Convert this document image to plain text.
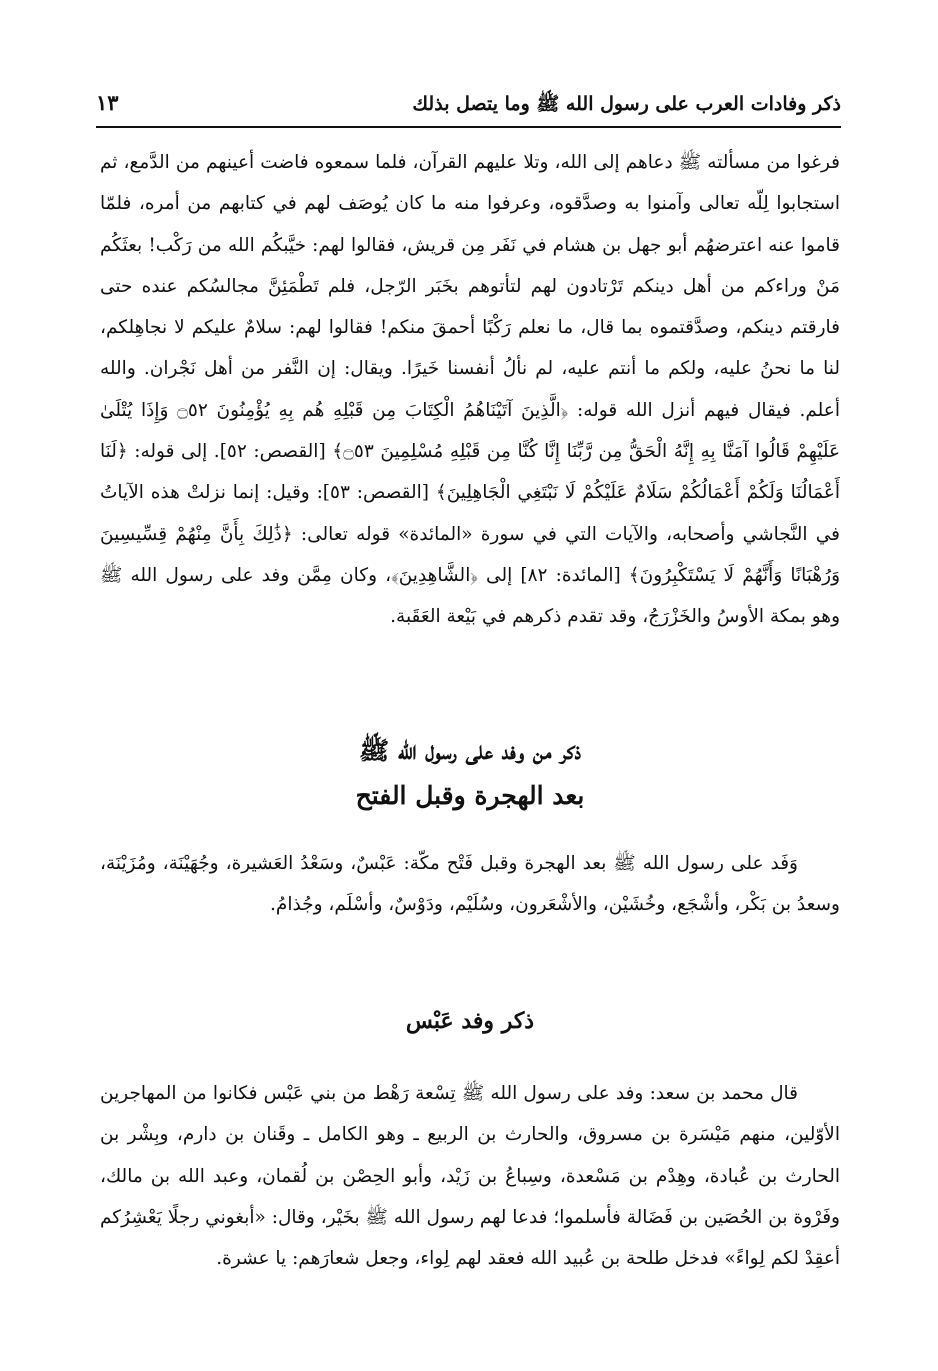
ذكر وفادات العرب على رسول الله ﷺ وما يتصل بذلك
١٣

فرغوا من مسألته ﷺ دعاهم إلى الله، وتلا عليهم القرآن، فلما سمعوه فاضت أعينهم من الدَّمع، ثم استجابوا لِلّه تعالى وآمنوا به وصدَّقوه، وعرفوا منه ما كان يُوصَف لهم في كتابهم من أمره، فلمّا قاموا عنه اعترضهُم أبو جهل بن هشام في نَفَر مِن قريش، فقالوا لهم: خيَّبكُم الله من رَكْب! بعثَكُم مَنْ وراءكم من أهل دينكم تَرْتادون لهم لتأتوهم بخَبَر الرّجل، فلم تَطْمَئِنَّ مجالسُكم عنده حتى فارقتم دينكم، وصدَّقتموه بما قال، ما نعلم رَكْبًا أحمقَ منكم! فقالوا لهم: سلامٌ عليكم لا نجاهِلكم، لنا ما نحنُ عليه، ولكم ما أنتم عليه، لم نألُ أنفسنا خَيرًا. ويقال: إن النَّفر من أهل نَجْران. والله أعلم. فيقال فيهم أنزل الله قوله: ﴿الَّذِينَ آتَيْنَاهُمُ الْكِتَابَ مِن قَبْلِهِ هُم بِهِ يُؤْمِنُونَ ۝٥٢ وَإِذَا يُتْلَىٰ عَلَيْهِمْ قَالُوا آمَنَّا بِهِ إِنَّهُ الْحَقُّ مِن رَّبِّنَا إِنَّا كُنَّا مِن قَبْلِهِ مُسْلِمِينَ ۝٥٣﴾ [القصص: ٥٢]. إلى قوله: ﴿لَنَا أَعْمَالُنَا وَلَكُمْ أَعْمَالُكُمْ سَلَامٌ عَلَيْكُمْ لَا نَبْتَغِي الْجَاهِلِينَ﴾ [القصص: ٥٣]: وقيل: إنما نزلتْ هذه الآياتُ في النَّجاشي وأصحابه، والآيات التي في سورة «المائدة» قوله تعالى: ﴿ذَٰلِكَ بِأَنَّ مِنْهُمْ قِسِّيسِينَ وَرُهْبَانًا وَأَنَّهُمْ لَا يَسْتَكْبِرُونَ﴾ [المائدة: ٨٢] إلى ﴿الشَّاهِدِينَ﴾، وكان مِمَّن وفد على رسول الله ﷺ وهو بمكة الأوسُ والخَزْرَجُ، وقد تقدم ذكرهم في بَيْعة العَقَبة.

ذكر من وفد على رسول الله ﷺ
بعد الهجرة وقبل الفتح

وَفَد على رسول الله ﷺ بعد الهجرة وقبل فَتْح مكّة: عَبْسٌ، وسَعْدُ العَشيرة، وجُهَيْنَة، ومُزَيْنَة، وسعدُ بن بَكْر، وأشْجَع، وخُشَيْن، والأشْعَرون، وسُلَيْم، ودَوْسٌ، وأسْلَم، وجُذامُ.

ذكر وفد عَبْس

قال محمد بن سعد: وفد على رسول الله ﷺ تِسْعة رَهْط من بني عَبْس فكانوا من المهاجرين الأوّلين، منهم مَيْسَرة بن مسروق، والحارث بن الربيع ـ وهو الكامل ـ وقَنان بن دارم، وبِشْر بن الحارث بن عُبادة، وهِدْم بن مَسْعدة، وسِباعُ بن زَيْد، وأبو الحِصْن بن لُقمان، وعبد الله بن مالك، وفَرْوة بن الحُصَين بن فَضَالة فأسلموا؛ فدعا لهم رسول الله ﷺ بخَيْر، وقال: «أبغوني رجلًا يَعْشِرُكم أعقِدْ لكم لِواءً» فدخل طلحة بن عُبيد الله فعقد لهم لِواء، وجعل شعارَهم: يا عشرة.
